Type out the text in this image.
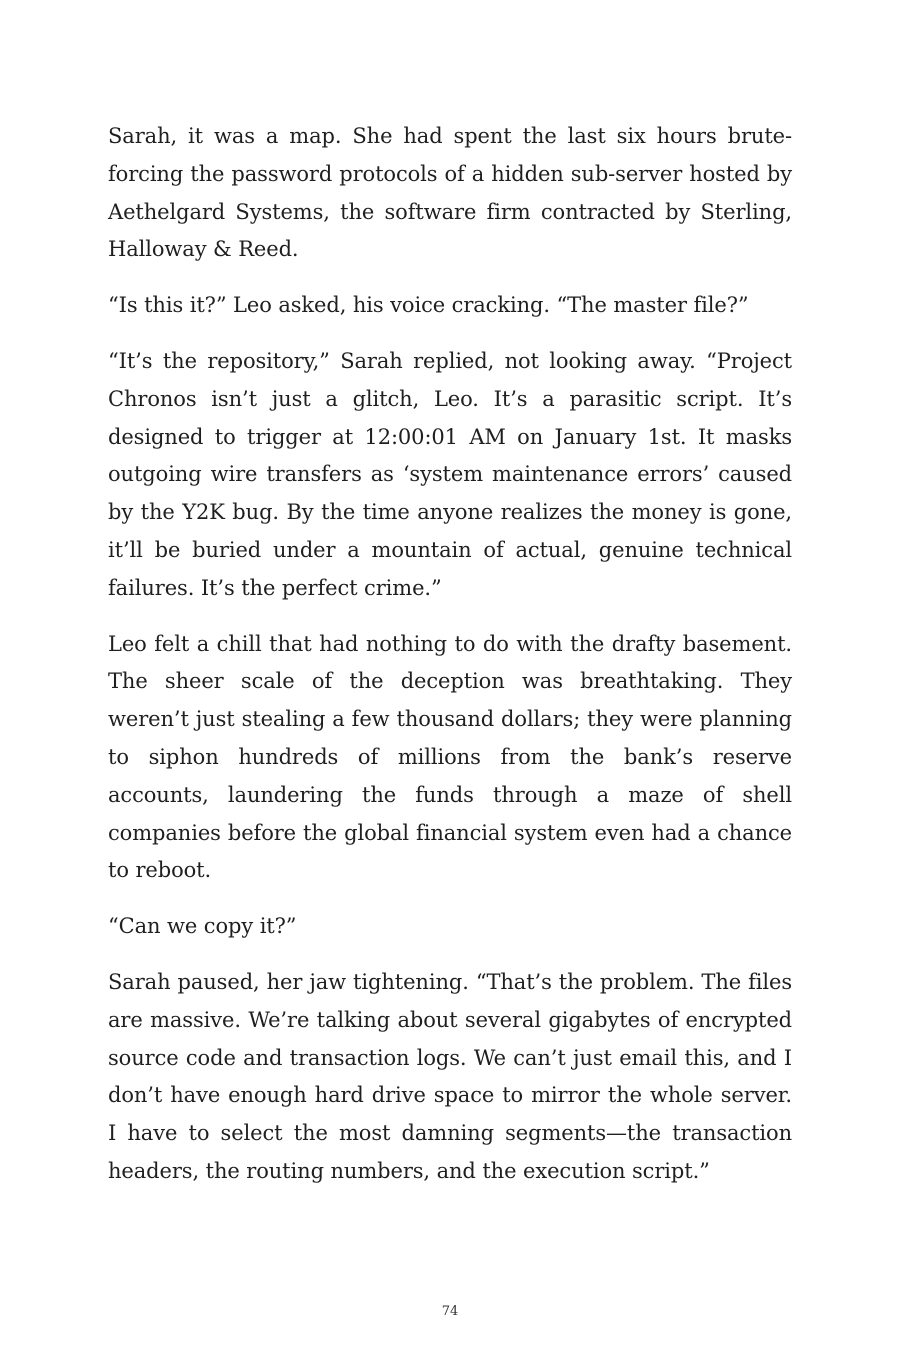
Sarah, it was a map. She had spent the last six hours brute-forcing the password protocols of a hidden sub-server hosted by Aethelgard Systems, the software firm contracted by Sterling, Halloway & Reed.

“Is this it?” Leo asked, his voice cracking. “The master file?”

“It’s the repository,” Sarah replied, not looking away. “Project Chronos isn’t just a glitch, Leo. It’s a parasitic script. It’s designed to trigger at 12:00:01 AM on January 1st. It masks outgoing wire transfers as ‘system maintenance errors’ caused by the Y2K bug. By the time anyone realizes the money is gone, it’ll be buried under a mountain of actual, genuine technical failures. It’s the perfect crime.”

Leo felt a chill that had nothing to do with the drafty basement. The sheer scale of the deception was breathtaking. They weren’t just stealing a few thousand dollars; they were planning to siphon hundreds of millions from the bank’s reserve accounts, laundering the funds through a maze of shell companies before the global financial system even had a chance to reboot.

“Can we copy it?”

Sarah paused, her jaw tightening. “That’s the problem. The files are massive. We’re talking about several gigabytes of encrypted source code and transaction logs. We can’t just email this, and I don’t have enough hard drive space to mirror the whole server. I have to select the most damning segments—the transaction headers, the routing numbers, and the execution script.”

74
